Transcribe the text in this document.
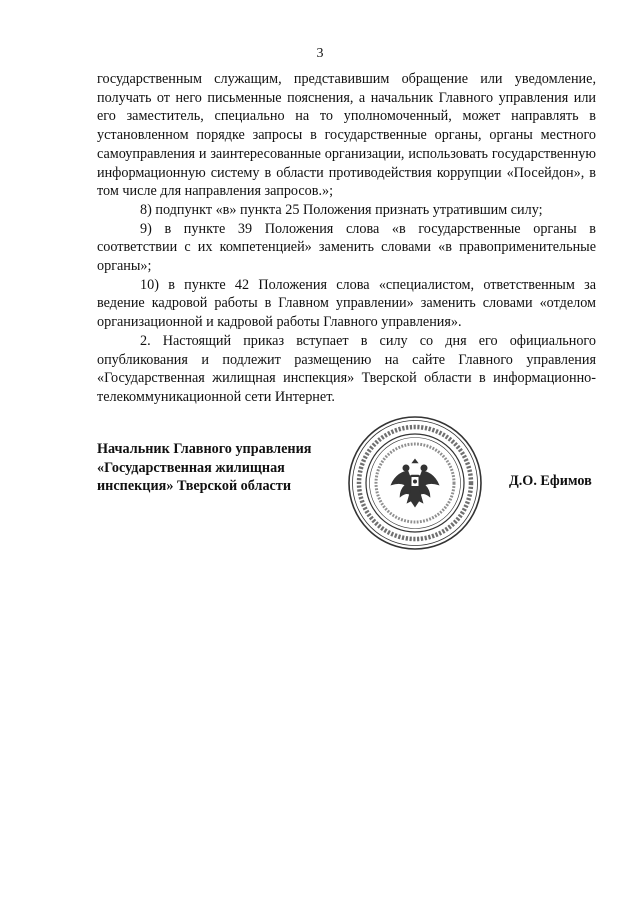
3

государственным служащим, представившим обращение или уведомление, получать от него письменные пояснения, а начальник Главного управления или его заместитель, специально на то уполномоченный, может направлять в установленном порядке запросы в государственные органы, органы местного самоуправления и заинтересованные организации, использовать государственную информационную систему в области противодействия коррупции «Посейдон», в том числе для направления запросов.»;

8) подпункт «в» пункта 25 Положения признать утратившим силу;

9) в пункте 39 Положения слова «в государственные органы в соответствии с их компетенцией» заменить словами «в правоприменительные органы»;

10) в пункте 42 Положения слова «специалистом, ответственным за ведение кадровой работы в Главном управлении» заменить словами «отделом организационной и кадровой работы Главного управления».

2. Настоящий приказ вступает в силу со дня его официального опубликования и подлежит размещению на сайте Главного управления «Государственная жилищная инспекция» Тверской области в информационно-телекоммуникационной сети Интернет.

Начальник Главного управления
«Государственная жилищная
инспекция» Тверской области	Д.О. Ефимов
